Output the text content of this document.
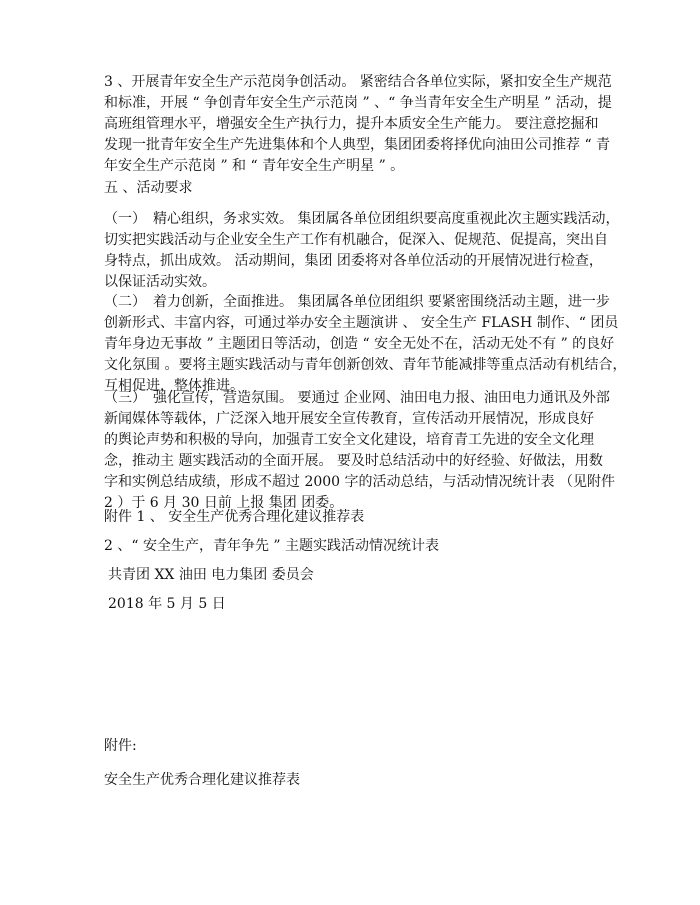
3 、开展青年安全生产示范岗争创活动。 紧密结合各单位实际，紧扣安全生产规范
和标准，开展 “ 争创青年安全生产示范岗 ” 、“ 争当青年安全生产明星 ” 活动，提
高班组管理水平，增强安全生产执行力，提升本质安全生产能力。 要注意挖掘和
发现一批青年安全生产先进集体和个人典型，集团团委将择优向油田公司推荐 “ 青
年安全生产示范岗 ” 和 “ 青年安全生产明星 ” 。
五 、活动要求
（一）　精心组织，务求实效。 集团属各单位团组织要高度重视此次主题实践活动，
切实把实践活动与企业安全生产工作有机融合，促深入、促规范、促提高，突出自
身特点，抓出成效。 活动期间，集团 团委将对各单位活动的开展情况进行检查，
以保证活动实效。
（二）　着力创新，全面推进。 集团属各单位团组织 要紧密围绕活动主题，进一步
创新形式、丰富内容，可通过举办安全主题演讲 、 安全生产 FLASH 制作、“ 团员
青年身边无事故 ” 主题团日等活动，创造 “ 安全无处不在，活动无处不有 ” 的良好
文化氛围 。要将主题实践活动与青年创新创效、青年节能减排等重点活动有机结合，
互相促进，整体推进。
（三）　强化宣传，营造氛围。 要通过 企业网、油田电力报、油田电力通讯及外部
新闻媒体等载体，广泛深入地开展安全宣传教育，宣传活动开展情况，形成良好
的舆论声势和积极的导向，加强青工安全文化建设，培育青工先进的安全文化理
念，推动主 题实践活动的全面开展。 要及时总结活动中的好经验、好做法，用数
字和实例总结成绩，形成不超过 2000 字的活动总结，与活动情况统计表 （见附件
2 ）于 6 月 30 日前 上报 集团 团委。
附件 1 、 安全生产优秀合理化建议推荐表
2 、“ 安全生产，青年争先 ” 主题实践活动情况统计表
共青团 XX 油田 电力集团 委员会
2018 年 5 月 5 日
附件:
安全生产优秀合理化建议推荐表
